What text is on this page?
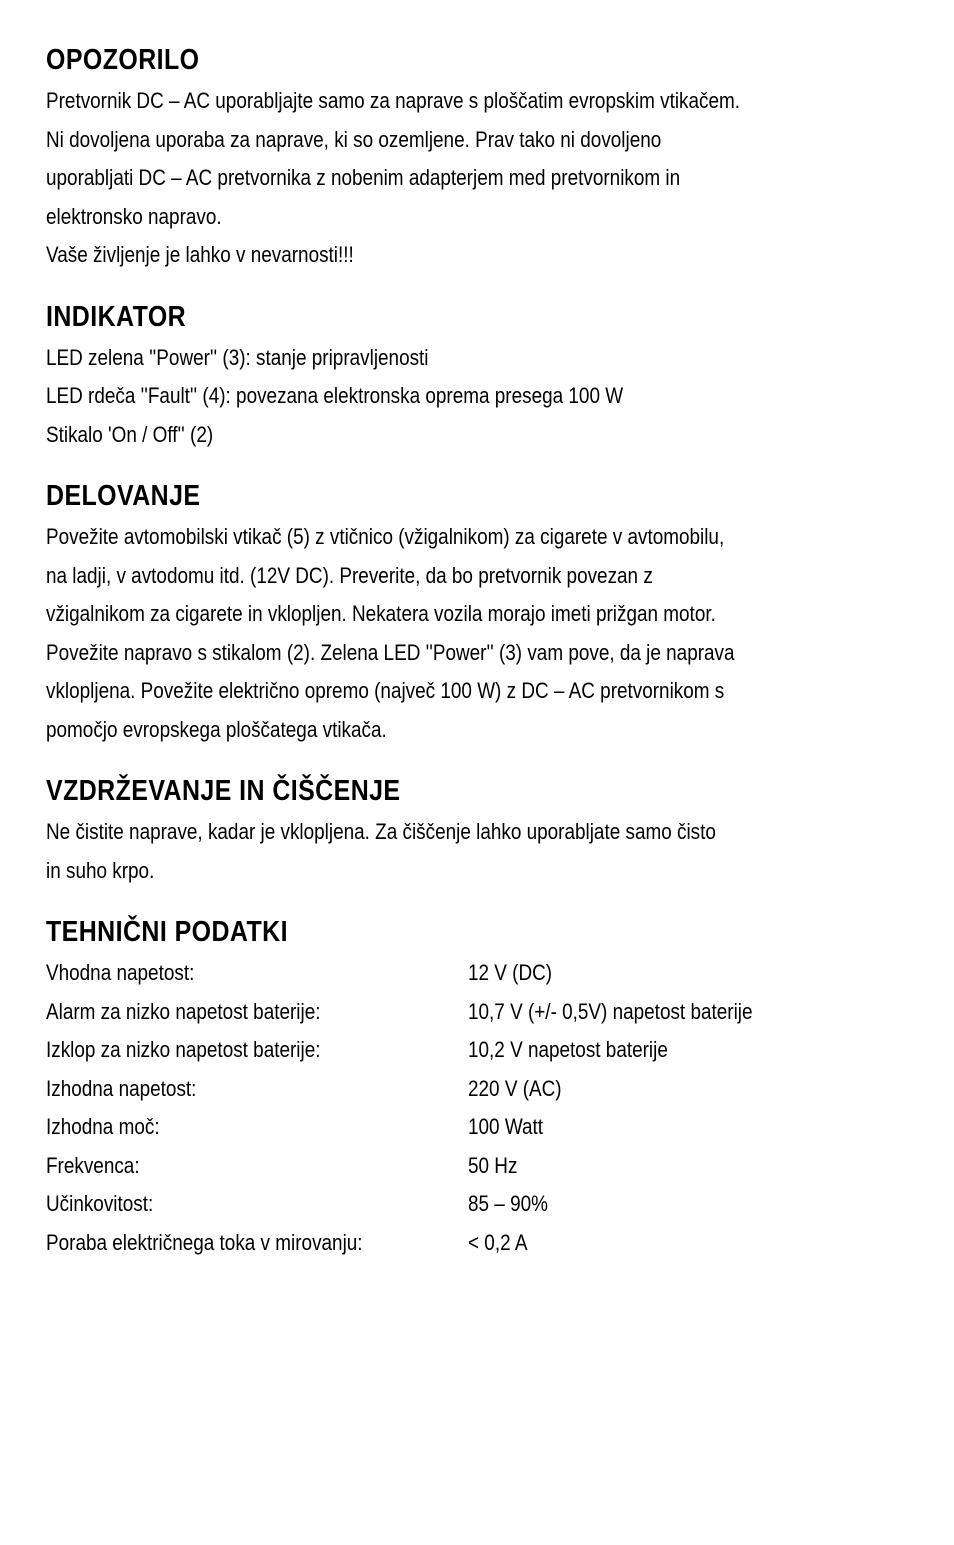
OPOZORILO
Pretvornik DC – AC uporabljajte samo za naprave s ploščatim evropskim vtikačem.
Ni dovoljena uporaba za naprave, ki so ozemljene. Prav tako ni dovoljeno
uporabljati DC – AC pretvornika z nobenim adapterjem med pretvornikom in
elektronsko napravo.
Vaše življenje je lahko v nevarnosti!!!
INDIKATOR
LED zelena ''Power'' (3): stanje pripravljenosti
LED rdeča ''Fault'' (4): povezana elektronska oprema presega 100 W
Stikalo 'On / Off'' (2)
DELOVANJE
Povežite avtomobilski vtikač (5) z vtičnico (vžigalnikom) za cigarete v avtomobilu,
na ladji, v avtodomu itd. (12V DC). Preverite, da bo pretvornik povezan z
vžigalnikom za cigarete in vklopljen. Nekatera vozila morajo imeti prižgan motor.
Povežite napravo s stikalom (2). Zelena LED ''Power'' (3) vam pove, da je naprava
vklopljena. Povežite električno opremo (največ 100 W) z DC – AC pretvornikom s
pomočjo evropskega ploščatega vtikača.
VZDRŽEVANJE IN ČIŠČENJE
Ne čistite naprave, kadar je vklopljena. Za čiščenje lahko uporabljate samo čisto
in suho krpo.
TEHNIČNI PODATKI
Vhodna napetost:	12 V (DC)
Alarm za nizko napetost baterije:	10,7 V (+/- 0,5V) napetost baterije
Izklop za nizko napetost baterije:	10,2 V napetost baterije
Izhodna napetost:	220 V (AC)
Izhodna moč:	100 Watt
Frekvenca:	50 Hz
Učinkovitost:	85 – 90%
Poraba električnega toka v mirovanju:	< 0,2 A
